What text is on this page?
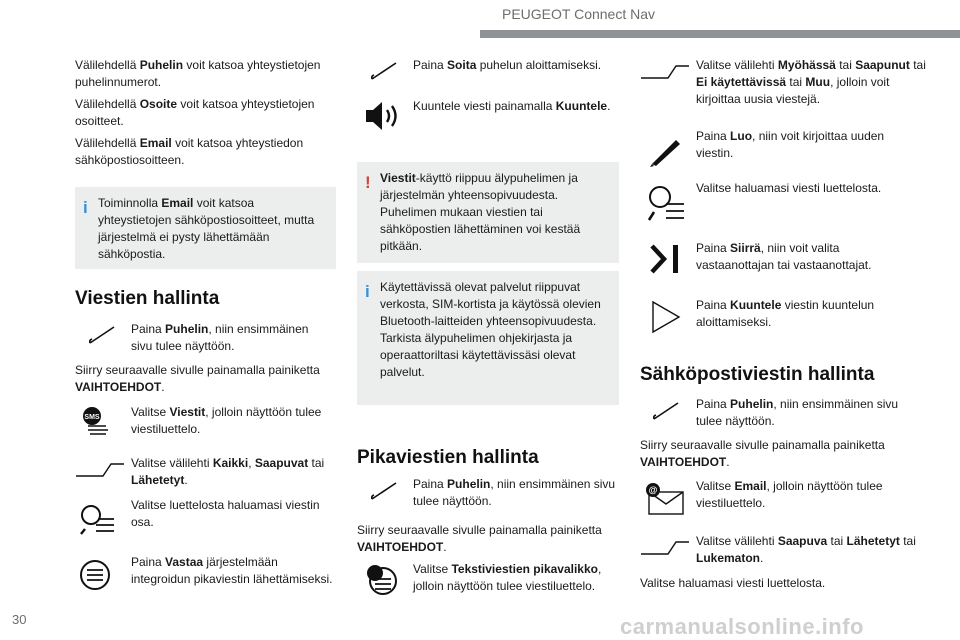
PEUGEOT Connect Nav

Välilehdellä Puhelin voit katsoa yhteystietojen puhelinnumerot.

Välilehdellä Osoite voit katsoa yhteystietojen osoitteet.

Välilehdellä Email voit katsoa yhteystiedon sähköpostiosoitteen.

i Toiminnolla Email voit katsoa yhteystietojen sähköpostiosoitteet, mutta järjestelmä ei pysty lähettämään sähköpostia.
Viestien hallinta

Paina Puhelin, niin ensimmäinen sivu tulee näyttöön.

Siirry seuraavalle sivulle painamalla painiketta VAIHTOEHDOT.

SMS	Valitse Viestit, jolloin näyttöön tulee viestiluettelo.

Valitse välilehti Kaikki, Saapuvat tai Lähetetyt.

Valitse luettelosta haluamasi viestin osa.

Paina Vastaa järjestelmään integroidun pikaviestin lähettämiseksi.

Paina Soita puhelun aloittamiseksi.

Kuuntele viesti painamalla Kuuntele.

! Viestit-käyttö riippuu älypuhelimen ja järjestelmän yhteensopivuudesta. Puhelimen mukaan viestien tai sähköpostien lähettäminen voi kestää pitkään.
i Käytettävissä olevat palvelut riippuvat verkosta, SIM-kortista ja käytössä olevien Bluetooth-laitteiden yhteensopivuudesta. Tarkista älypuhelimen ohjekirjasta ja operaattoriltasi käytettävissäsi olevat palvelut.
Pikaviestien hallinta

Paina Puhelin, niin ensimmäinen sivu tulee näyttöön.

Siirry seuraavalle sivulle painamalla painiketta VAIHTOEHDOT.

Valitse Tekstiviestien pikavalikko, jolloin näyttöön tulee viestiluettelo.

Valitse välilehti Myöhässä tai Saapunut tai Ei käytettävissä tai Muu, jolloin voit kirjoittaa uusia viestejä.

Paina Luo, niin voit kirjoittaa uuden viestin.

Valitse haluamasi viesti luettelosta.

Paina Siirrä, niin voit valita vastaanottajan tai vastaanottajat.

Paina Kuuntele viestin kuuntelun aloittamiseksi.

Sähköpostiviestin hallinta

Paina Puhelin, niin ensimmäinen sivu tulee näyttöön.

Siirry seuraavalle sivulle painamalla painiketta VAIHTOEHDOT.

@	Valitse Email, jolloin näyttöön tulee viestiluettelo.

Valitse välilehti Saapuva tai Lähetetyt tai Lukematon.

Valitse haluamasi viesti luettelosta.

30	carmanualsonline.info
